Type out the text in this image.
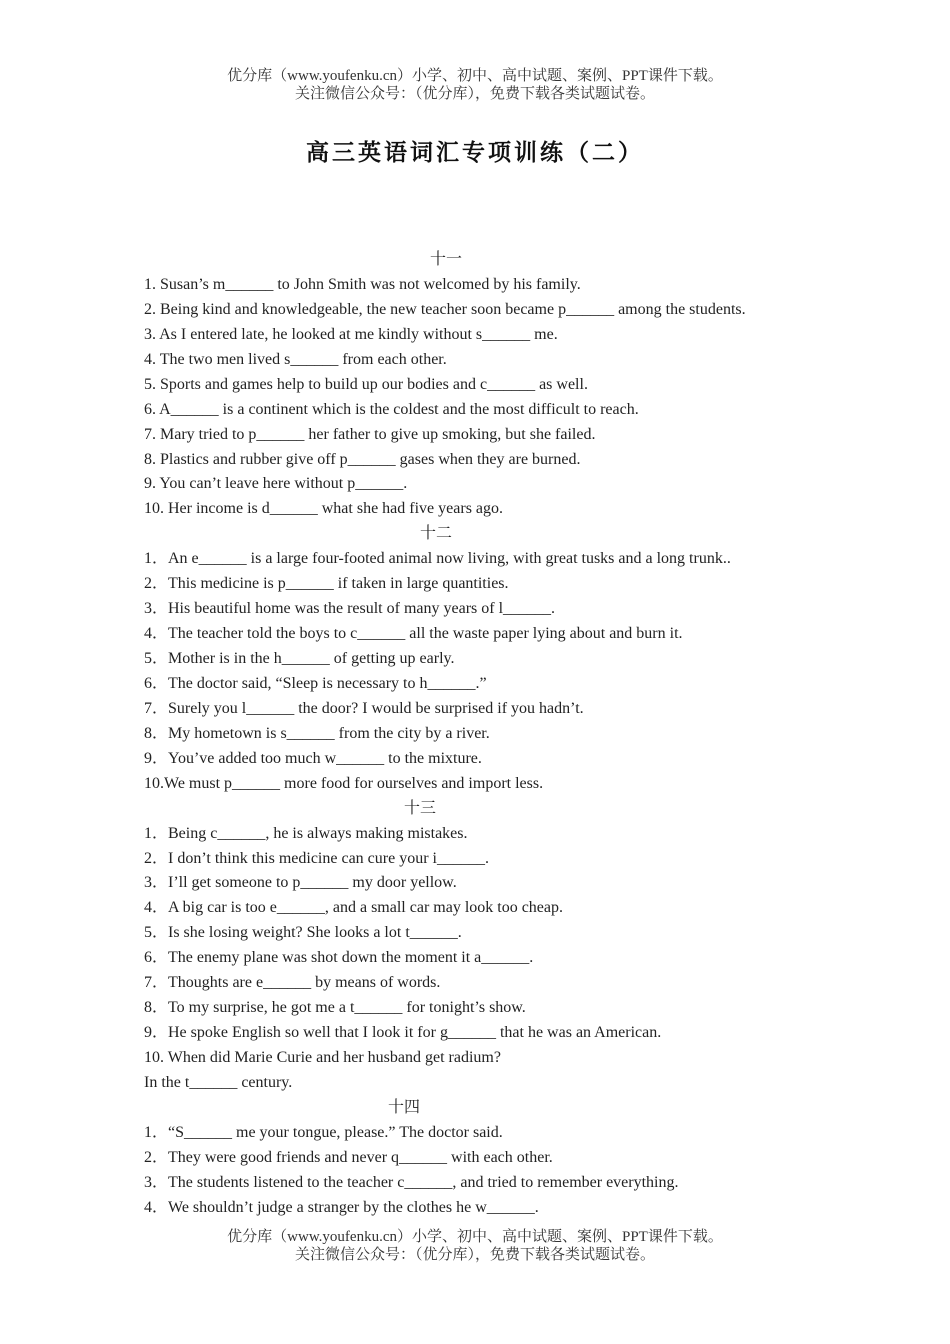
优分库（www.youfenku.cn）小学、初中、高中试题、案例、PPT课件下载。
关注微信公众号：（优分库），免费下载各类试题试卷。
高三英语词汇专项训练（二）
十一
1. Susan’s m______ to John Smith was not welcomed by his family.
2. Being kind and knowledgeable, the new teacher soon became p______ among the students.
3. As I entered late, he looked at me kindly without s______ me.
4. The two men lived s______ from each other.
5. Sports and games help to build up our bodies and c______ as well.
6. A______ is a continent which is the coldest and the most difficult to reach.
7. Mary tried to p______ her father to give up smoking, but she failed.
8. Plastics and rubber give off p______ gases when they are burned.
9. You can’t leave here without p______.
10. Her income is d______ what she had five years ago.
十二
1．An e______ is a large four-footed animal now living, with great tusks and a long trunk..
2．This medicine is p______ if taken in large quantities.
3．His beautiful home was the result of many years of l______.
4．The teacher told the boys to c______ all the waste paper lying about and burn it.
5．Mother is in the h______ of getting up early.
6．The doctor said, “Sleep is necessary to h______.”
7．Surely you l______ the door? I would be surprised if you hadn’t.
8．My hometown is s______ from the city by a river.
9．You’ve added too much w______ to the mixture.
10.We must p______ more food for ourselves and import less.
十三
1．Being c______, he is always making mistakes.
2．I don’t think this medicine can cure your i______.
3．I’ll get someone to p______ my door yellow.
4．A big car is too e______, and a small car may look too cheap.
5．Is she losing weight? She looks a lot t______.
6．The enemy plane was shot down the moment it a______.
7．Thoughts are e______ by means of words.
8．To my surprise, he got me a t______ for tonight’s show.
9．He spoke English so well that I look it for g______ that he was an American.
10. When did Marie Curie and her husband get radium?
In the t______ century.
十四
1．“S______ me your tongue, please.” The doctor said.
2．They were good friends and never q______ with each other.
3．The students listened to the teacher c______, and tried to remember everything.
4．We shouldn’t judge a stranger by the clothes he w______.
优分库（www.youfenku.cn）小学、初中、高中试题、案例、PPT课件下载。
关注微信公众号：（优分库），免费下载各类试题试卷。
